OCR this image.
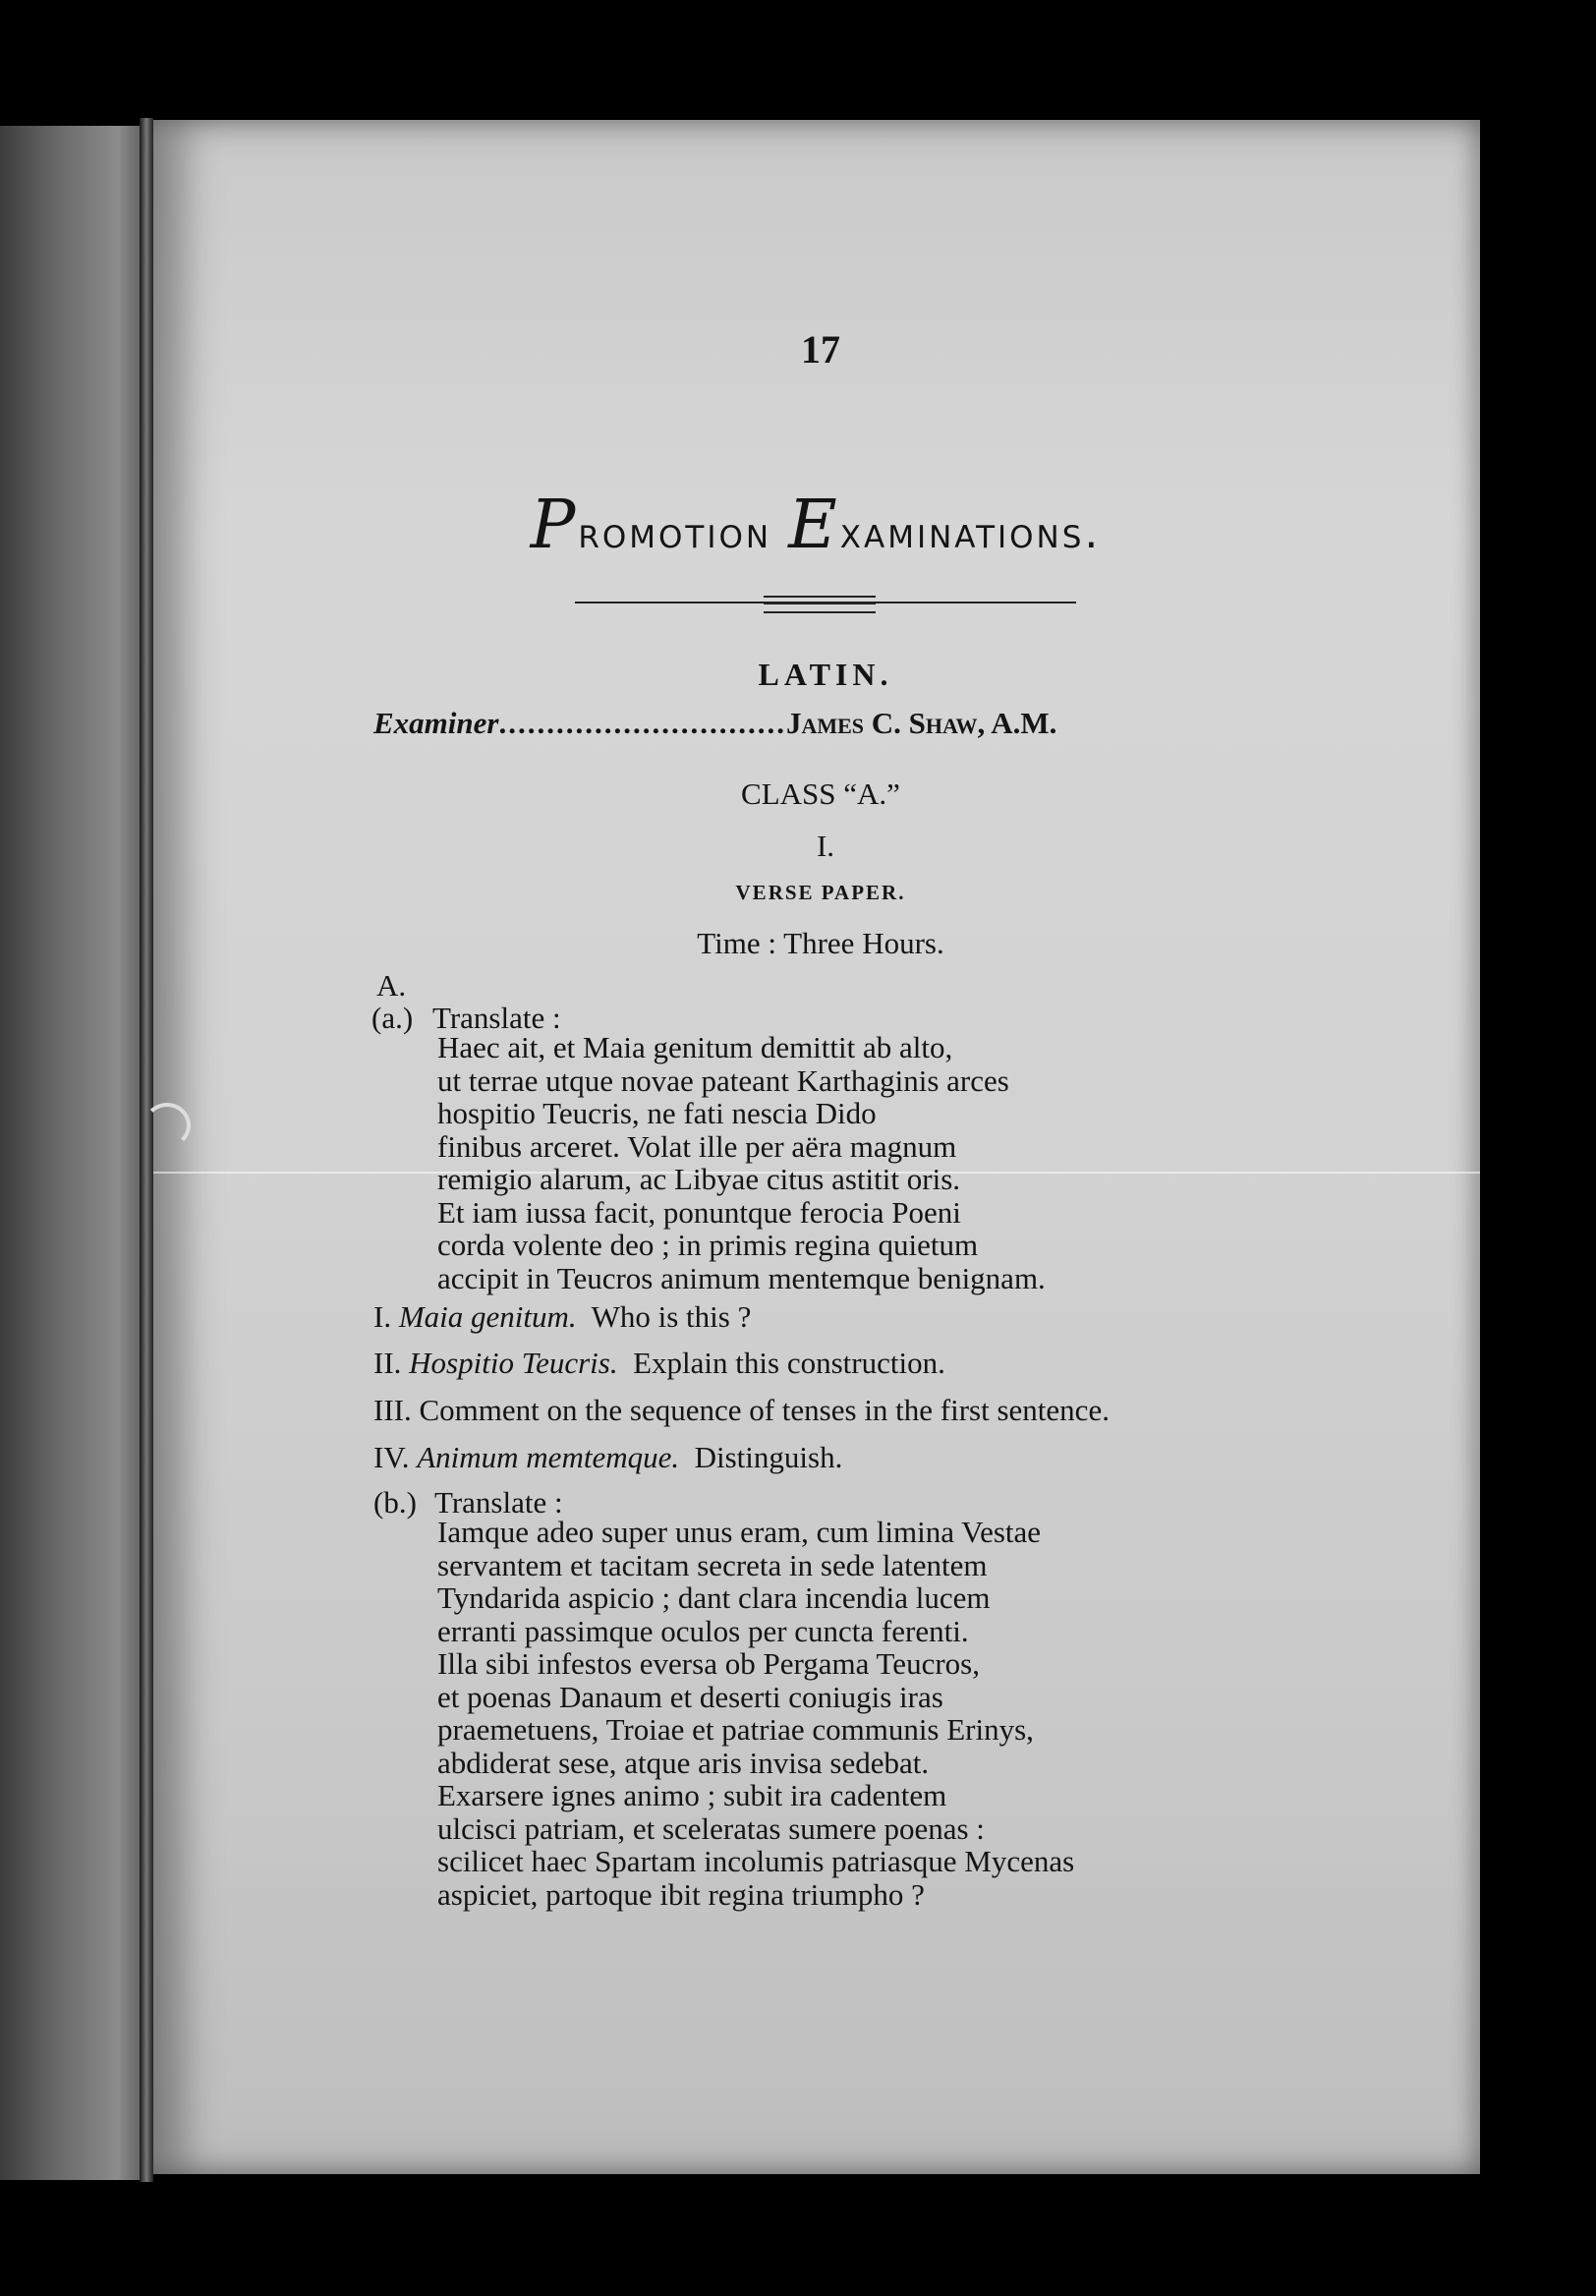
17
Promotion Examinations.
LATIN.
Examiner..............................James C. Shaw, A.M.
CLASS “A.”
I.
VERSE PAPER.
Time : Three Hours.
A.
(a.) Translate :
Haec ait, et Maia genitum demittit ab alto,
ut terrae utque novae pateant Karthaginis arces
hospitio Teucris, ne fati nescia Dido
finibus arceret. Volat ille per aëra magnum
remigio alarum, ac Libyae citus astitit oris.
Et iam iussa facit, ponuntque ferocia Poeni
corda volente deo ; in primis regina quietum
accipit in Teucros animum mentemque benignam.
I. Maia genitum. Who is this ?
II. Hospitio Teucris. Explain this construction.
III. Comment on the sequence of tenses in the first sentence.
IV. Animum memtemque. Distinguish.
(b.) Translate :
Iamque adeo super unus eram, cum limina Vestae
servantem et tacitam secreta in sede latentem
Tyndarida aspicio ; dant clara incendia lucem
erranti passimque oculos per cuncta ferenti.
Illa sibi infestos eversa ob Pergama Teucros,
et poenas Danaum et deserti coniugis iras
praemetuens, Troiae et patriae communis Erinys,
abdiderat sese, atque aris invisa sedebat.
Exarsere ignes animo ; subit ira cadentem
ulcisci patriam, et sceleratas sumere poenas :
scilicet haec Spartam incolumis patriasque Mycenas
aspiciet, partoque ibit regina triumpho ?
